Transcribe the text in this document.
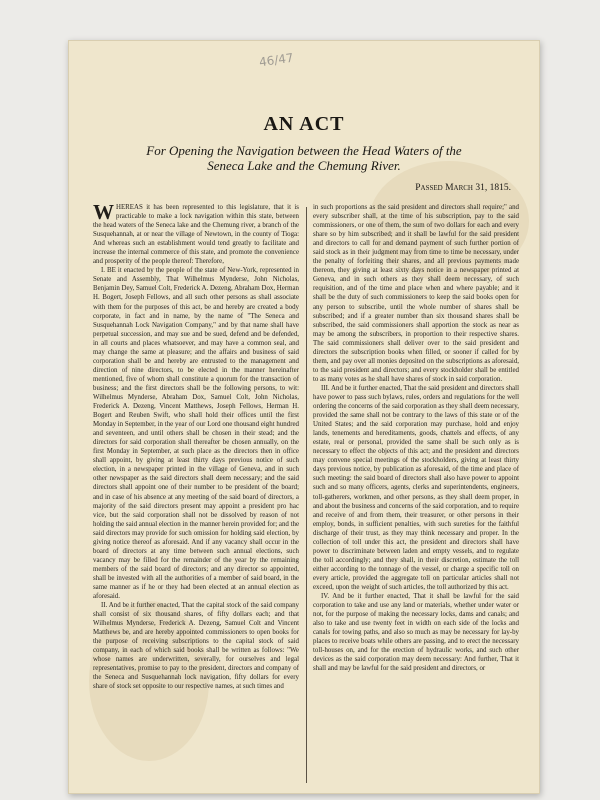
46/47
AN ACT
For Opening the Navigation between the Head Waters of the
Seneca Lake and the Chemung River.
Passed March 31, 1815.

WHEREAS it has been represented to this legislature, that it is practicable to make a lock navigation within this state, between the head waters of the Seneca lake and the Chemung river, a branch of the Susquehannah, at or near the village of Newtown, in the county of Tioga: And whereas such an establishment would tend greatly to facilitate and increase the internal commerce of this state, and promote the convenience and prosperity of the people thereof: Therefore,

I. BE it enacted by the people of the state of New-York, represented in Senate and Assembly, That Wilhelmus Mynderse, John Nicholas, Benjamin Dey, Samuel Colt, Frederick A. Dezeng, Abraham Dox, Herman H. Bogert, Joseph Fellows, and all such other persons as shall associate with them for the purposes of this act, be and hereby are created a body corporate, in fact and in name, by the name of "The Seneca and Susquehannah Lock Navigation Company," and by that name shall have perpetual succession, and may sue and be sued, defend and be defended, in all courts and places whatsoever, and may have a common seal, and may change the same at pleasure; and the affairs and business of said corporation shall be and hereby are entrusted to the management and direction of nine directors, to be elected in the manner hereinafter mentioned, five of whom shall constitute a quorum for the transaction of business; and the first directors shall be the following persons, to wit: Wilhelmus Mynderse, Abraham Dox, Samuel Colt, John Nicholas, Frederick A. Dezeng, Vincent Matthews, Joseph Fellows, Herman H. Bogert and Reuben Swift, who shall hold their offices until the first Monday in September, in the year of our Lord one thousand eight hundred and seventeen, and until others shall be chosen in their stead; and the directors for said corporation shall thereafter be chosen annually, on the first Monday in September, at such place as the directors then in office shall appoint, by giving at least thirty days previous notice of such election, in a newspaper printed in the village of Geneva, and in such other newspaper as the said directors shall deem necessary; and the said directors shall appoint one of their number to be president of the board; and in case of his absence at any meeting of the said board of directors, a majority of the said directors present may appoint a president pro hac vice, but the said corporation shall not be dissolved by reason of not holding the said annual election in the manner herein provided for; and the said directors may provide for such omission for holding said election, by giving notice thereof as aforesaid. And if any vacancy shall occur in the board of directors at any time between such annual elections, such vacancy may be filled for the remainder of the year by the remaining members of the said board of directors; and any director so appointed, shall be invested with all the authorities of a member of said board, in the same manner as if he or they had been elected at an annual election as aforesaid.

II. And be it further enacted, That the capital stock of the said company shall consist of six thousand shares, of fifty dollars each; and that Wilhelmus Mynderse, Frederick A. Dezeng, Samuel Colt and Vincent Matthews be, and are hereby appointed commissioners to open books for the purpose of receiving subscriptions to the capital stock of said company, in each of which said books shall be written as follows: "We whose names are underwritten, severally, for ourselves and legal representatives, promise to pay to the president, directors and company of the Seneca and Susquehannah lock navigation, fifty dollars for every share of stock set opposite to our respective names, at such times and

in such proportions as the said president and directors shall require;" and every subscriber shall, at the time of his subscription, pay to the said commissioners, or one of them, the sum of two dollars for each and every share so by him subscribed; and it shall be lawful for the said president and directors to call for and demand payment of such further portion of said stock as in their judgment may from time to time be necessary, under the penalty of forfeiting their shares, and all previous payments made thereon, they giving at least sixty days notice in a newspaper printed at Geneva, and in such others as they shall deem necessary, of such requisition, and of the time and place when and where payable; and it shall be the duty of such commissioners to keep the said books open for any person to subscribe, until the whole number of shares shall be subscribed; and if a greater number than six thousand shares shall be subscribed, the said commissioners shall apportion the stock as near as may be among the subscribers, in proportion to their respective shares. The said commissioners shall deliver over to the said president and directors the subscription books when filled, or sooner if called for by them, and pay over all monies deposited on the subscriptions as aforesaid, to the said president and directors; and every stockholder shall be entitled to as many votes as he shall have shares of stock in said corporation.

III. And be it further enacted, That the said president and directors shall have power to pass such bylaws, rules, orders and regulations for the well ordering the concerns of the said corporation as they shall deem necessary, provided the same shall not be contrary to the laws of this state or of the United States; and the said corporation may purchase, hold and enjoy lands, tenements and hereditaments, goods, chattels and effects, of any estate, real or personal, provided the same shall be such only as is necessary to effect the objects of this act; and the president and directors may convene special meetings of the stockholders, giving at least thirty days previous notice, by publication as aforesaid, of the time and place of such meeting: the said board of directors shall also have power to appoint such and so many officers, agents, clerks and superintendents, engineers, toll-gatherers, workmen, and other persons, as they shall deem proper, in and about the business and concerns of the said corporation, and to require and receive of and from them, their treasurer, or other persons in their employ, bonds, in sufficient penalties, with such sureties for the faithful discharge of their trust, as they may think necessary and proper. In the collection of toll under this act, the president and directors shall have power to discriminate between laden and empty vessels, and to regulate the toll accordingly; and they shall, in their discretion, estimate the toll either according to the tonnage of the vessel, or charge a specific toll on every article, provided the aggregate toll on particular articles shall not exceed, upon the weight of such articles, the toll authorized by this act.

IV. And be it further enacted, That it shall be lawful for the said corporation to take and use any land or materials, whether under water or not, for the purpose of making the necessary locks, dams and canals; and also to take and use twenty feet in width on each side of the locks and canals for towing paths, and also so much as may be necessary for lay-by places to receive boats while others are passing, and to erect the necessary toll-houses on, and for the erection of hydraulic works, and such other devices as the said corporation may deem necessary: And further, That it shall and may be lawful for the said president and directors, or
